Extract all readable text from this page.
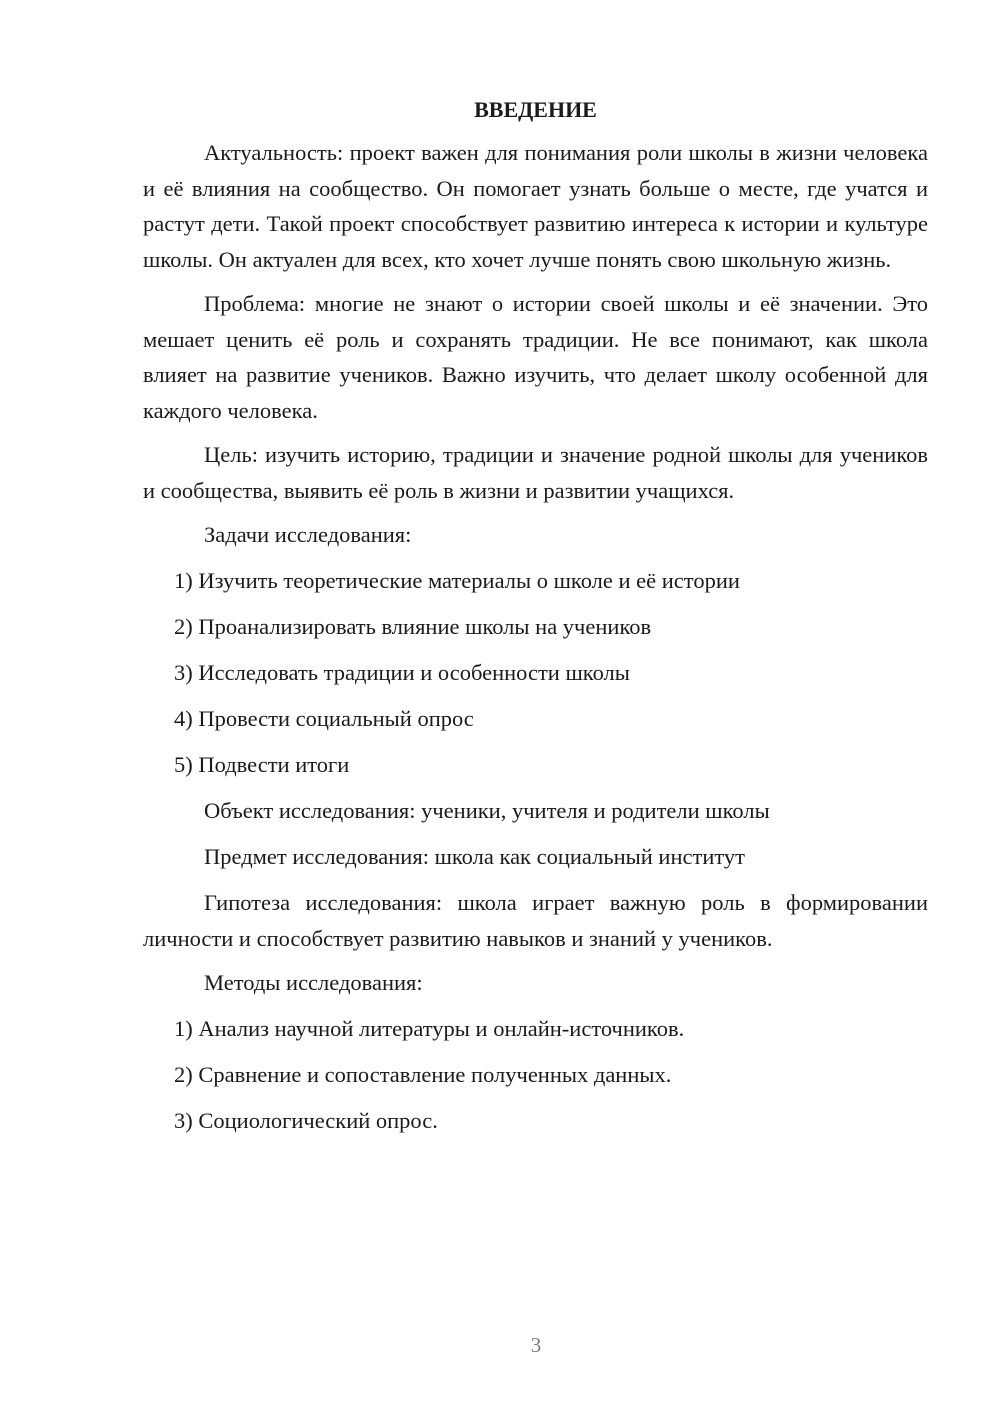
ВВЕДЕНИЕ

Актуальность: проект важен для понимания роли школы в жизни человека и её влияния на сообщество. Он помогает узнать больше о месте, где учатся и растут дети. Такой проект способствует развитию интереса к истории и культуре школы. Он актуален для всех, кто хочет лучше понять свою школьную жизнь.

Проблема: многие не знают о истории своей школы и её значении. Это мешает ценить её роль и сохранять традиции. Не все понимают, как школа влияет на развитие учеников. Важно изучить, что делает школу особенной для каждого человека.

Цель: изучить историю, традиции и значение родной школы для учеников и сообщества, выявить её роль в жизни и развитии учащихся.

Задачи исследования:

1) Изучить теоретические материалы о школе и её истории
2) Проанализировать влияние школы на учеников
3) Исследовать традиции и особенности школы
4) Провести социальный опрос
5) Подвести итоги

Объект исследования: ученики, учителя и родители школы

Предмет исследования: школа как социальный институт

Гипотеза исследования: школа играет важную роль в формировании личности и способствует развитию навыков и знаний у учеников.

Методы исследования:

1) Анализ научной литературы и онлайн-источников.
2) Сравнение и сопоставление полученных данных.
3) Социологический опрос.
3
